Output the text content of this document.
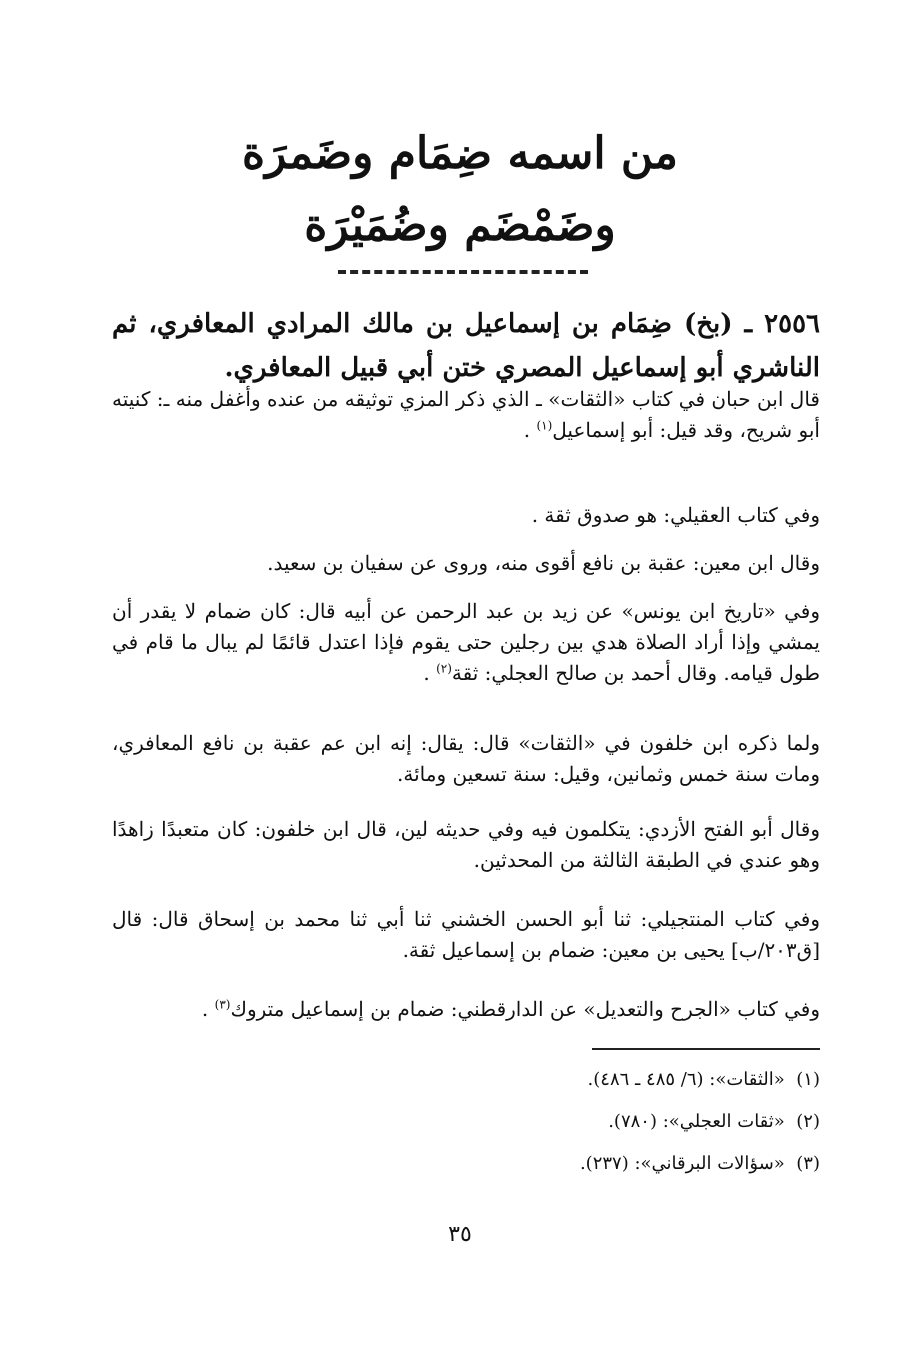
من اسمه ضِمَام وضَمرَة
وضَمْضَم وضُمَيْرَة
٢٥٥٦ ـ (بخ) ضِمَام بن إسماعيل بن مالك المرادي المعافري، ثم الناشري أبو إسماعيل المصري ختن أبي قبيل المعافري.
قال ابن حبان في كتاب «الثقات» ـ الذي ذكر المزي توثيقه من عنده وأغفل منه ـ: كنيته أبو شريح، وقد قيل: أبو إسماعيل$^{(١)}$ .
وفي كتاب العقيلي: هو صدوق ثقة .
وقال ابن معين: عقبة بن نافع أقوى منه، وروى عن سفيان بن سعيد.
وفي «تاريخ ابن يونس» عن زيد بن عبد الرحمن عن أبيه قال: كان ضمام لا يقدر أن يمشي وإذا أراد الصلاة هدي بين رجلين حتى يقوم فإذا اعتدل قائمًا لم يبال ما قام في طول قيامه. وقال أحمد بن صالح العجلي: ثقة$^{(٢)}$ .
ولما ذكره ابن خلفون في «الثقات» قال: يقال: إنه ابن عم عقبة بن نافع المعافري، ومات سنة خمس وثمانين، وقيل: سنة تسعين ومائة.
وقال أبو الفتح الأزدي: يتكلمون فيه وفي حديثه لين، قال ابن خلفون: كان متعبدًا زاهدًا وهو عندي في الطبقة الثالثة من المحدثين.
وفي كتاب المنتجيلي: ثنا أبو الحسن الخشني ثنا أبي ثنا محمد بن إسحاق قال: قال [ق٢٠٣/ب] يحيى بن معين: ضمام بن إسماعيل ثقة.
وفي كتاب «الجرح والتعديل» عن الدارقطني: ضمام بن إسماعيل متروك$^{(٣)}$ .
(١)  «الثقات»: (٦/ ٤٨٥ ـ ٤٨٦).
(٢)  «ثقات العجلي»: (٧٨٠).
(٣)  «سؤالات البرقاني»: (٢٣٧).
٣٥
